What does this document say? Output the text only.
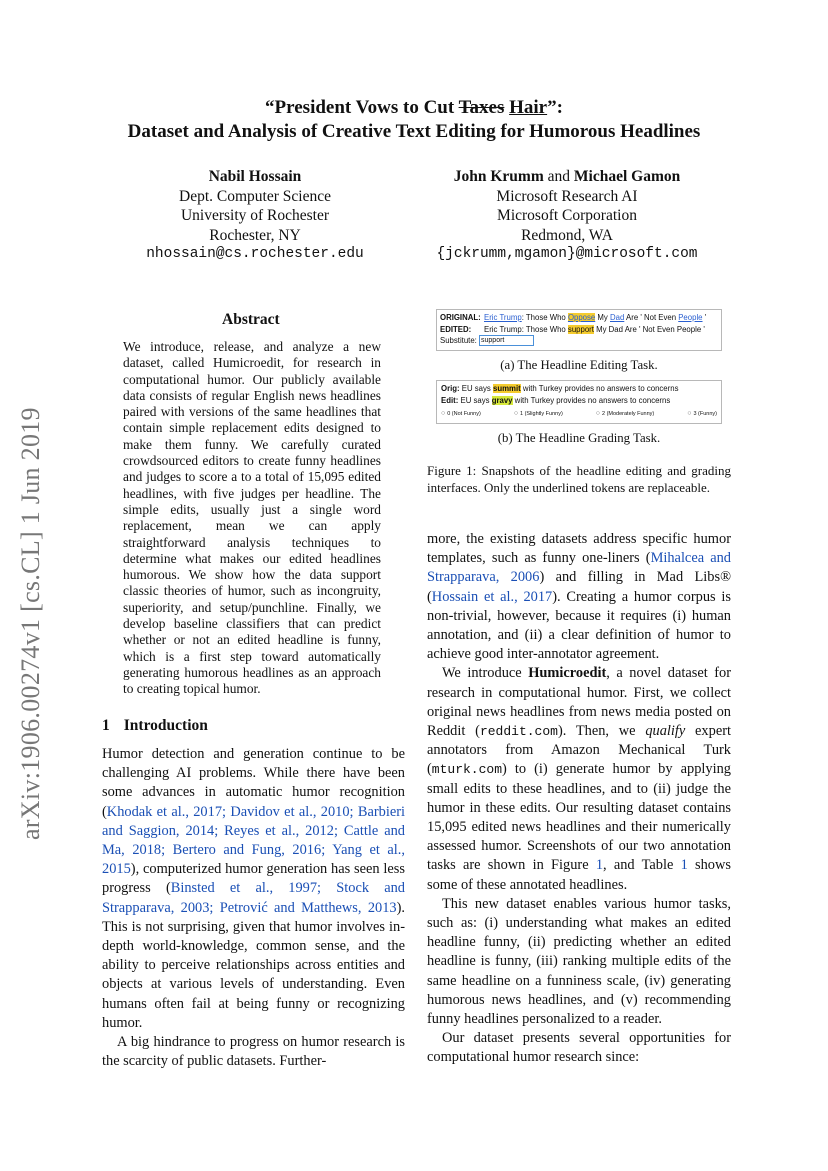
“President Vows to Cut Taxes Hair”:
Dataset and Analysis of Creative Text Editing for Humorous Headlines
Nabil Hossain
Dept. Computer Science
University of Rochester
Rochester, NY
nhossain@cs.rochester.edu
John Krumm and Michael Gamon
Microsoft Research AI
Microsoft Corporation
Redmond, WA
{jckrumm,mgamon}@microsoft.com
arXiv:1906.00274v1 [cs.CL] 1 Jun 2019
Abstract
We introduce, release, and analyze a new dataset, called Humicroedit, for research in computational humor. Our publicly available data consists of regular English news headlines paired with versions of the same headlines that contain simple replacement edits designed to make them funny. We carefully curated crowdsourced editors to create funny headlines and judges to score a to a total of 15,095 edited headlines, with five judges per headline. The simple edits, usually just a single word replacement, mean we can apply straightforward analysis techniques to determine what makes our edited headlines humorous. We show how the data support classic theories of humor, such as incongruity, superiority, and setup/punchline. Finally, we develop baseline classifiers that can predict whether or not an edited headline is funny, which is a first step toward automatically generating humorous headlines as an approach to creating topical humor.
ORIGINAL: Eric Trump: Those Who Oppose My Dad Are ' Not Even People '
EDITED: Eric Trump: Those Who support My Dad Are ' Not Even People '
Substitute: support
(a) The Headline Editing Task.
Orig: EU says summit with Turkey provides no answers to concerns
Edit: EU says gravy with Turkey provides no answers to concerns
○ 0 (Not Funny)	○ 1 (Slightly Funny)	○ 2 (Moderately Funny)	○ 3 (Funny)
(b) The Headline Grading Task.
Figure 1: Snapshots of the headline editing and grading interfaces. Only the underlined tokens are replaceable.
1 Introduction

Humor detection and generation continue to be challenging AI problems. While there have been some advances in automatic humor recognition (Khodak et al., 2017; Davidov et al., 2010; Barbieri and Saggion, 2014; Reyes et al., 2012; Cattle and Ma, 2018; Bertero and Fung, 2016; Yang et al., 2015), computerized humor generation has seen less progress (Binsted et al., 1997; Stock and Strapparava, 2003; Petrović and Matthews, 2013). This is not surprising, given that humor involves in-depth world-knowledge, common sense, and the ability to perceive relationships across entities and objects at various levels of understanding. Even humans often fail at being funny or recognizing humor.

A big hindrance to progress on humor research is the scarcity of public datasets. Further-

more, the existing datasets address specific humor templates, such as funny one-liners (Mihalcea and Strapparava, 2006) and filling in Mad Libs® (Hossain et al., 2017). Creating a humor corpus is non-trivial, however, because it requires (i) human annotation, and (ii) a clear definition of humor to achieve good inter-annotator agreement.

We introduce Humicroedit, a novel dataset for research in computational humor. First, we collect original news headlines from news media posted on Reddit (reddit.com). Then, we qualify expert annotators from Amazon Mechanical Turk (mturk.com) to (i) generate humor by applying small edits to these headlines, and to (ii) judge the humor in these edits. Our resulting dataset contains 15,095 edited news headlines and their numerically assessed humor. Screenshots of our two annotation tasks are shown in Figure 1, and Table 1 shows some of these annotated headlines.

This new dataset enables various humor tasks, such as: (i) understanding what makes an edited headline funny, (ii) predicting whether an edited headline is funny, (iii) ranking multiple edits of the same headline on a funniness scale, (iv) generating humorous news headlines, and (v) recommending funny headlines personalized to a reader.

Our dataset presents several opportunities for computational humor research since:
